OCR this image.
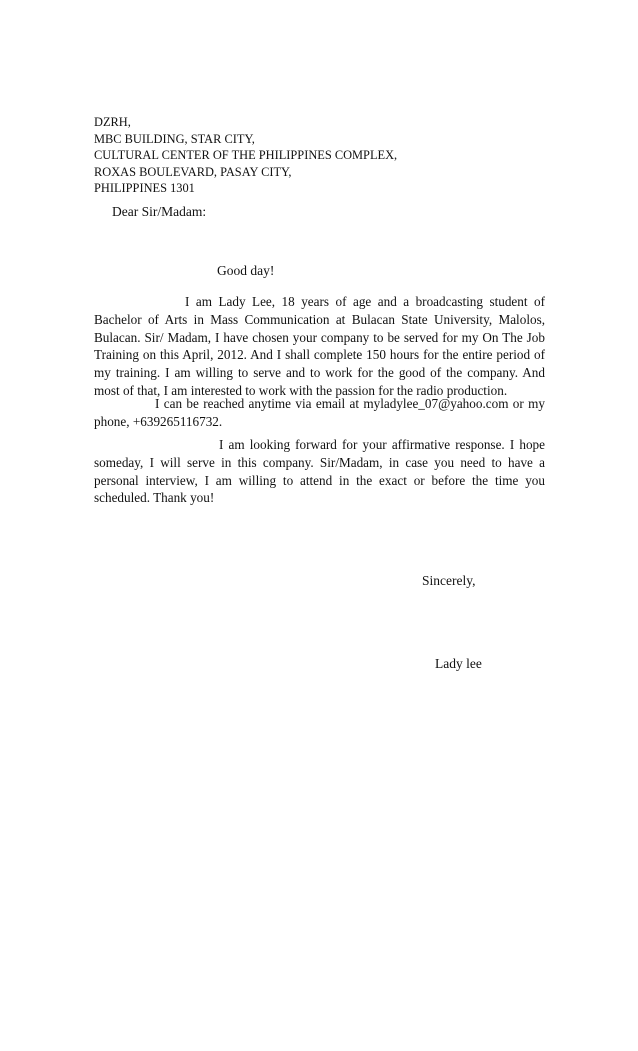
DZRH,
MBC BUILDING, STAR CITY,
CULTURAL CENTER OF THE PHILIPPINES COMPLEX,
ROXAS BOULEVARD, PASAY CITY,
PHILIPPINES 1301
Dear Sir/Madam:
Good day!

I am Lady Lee, 18 years of age and a broadcasting student of Bachelor of Arts in Mass Communication at Bulacan State University, Malolos, Bulacan. Sir/ Madam, I have chosen your company to be served for my On The Job Training on this April, 2012. And I shall complete 150 hours for the entire period of my training. I am willing to serve and to work for the good of the company. And most of that, I am interested to work with the passion for the radio production.

I can be reached anytime via email at myladylee_07@yahoo.com or my phone, +639265116732.

I am looking forward for your affirmative response. I hope someday, I will serve in this company. Sir/Madam, in case you need to have a personal interview, I am willing to attend in the exact or before the time you scheduled. Thank you!

Sincerely,
Lady lee
